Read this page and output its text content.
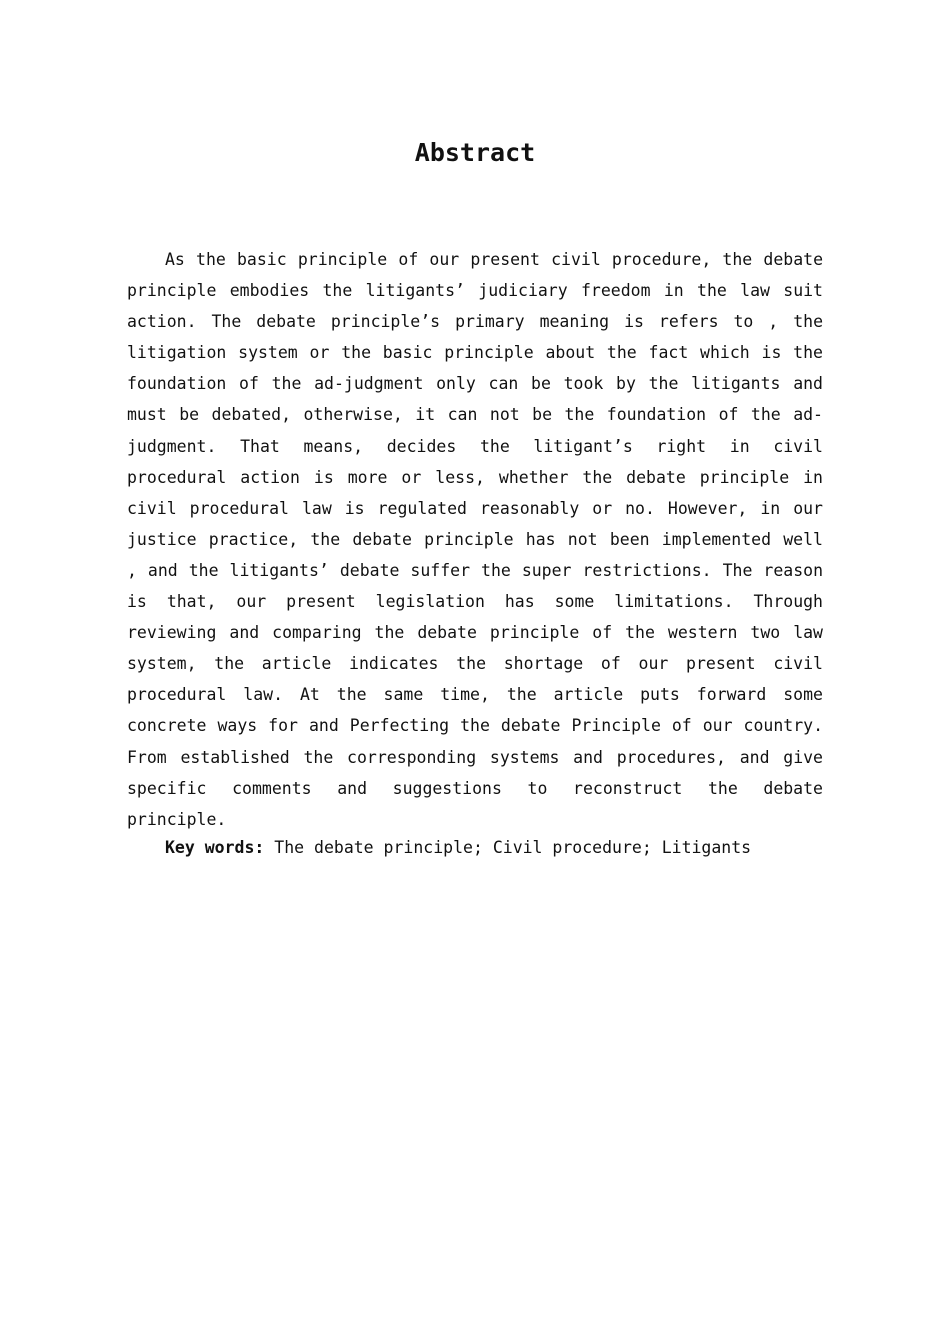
Abstract

As the basic principle of our present civil procedure, the debate principle embodies the litigants’ judiciary freedom in the law suit action. The debate principle’s primary meaning is refers to , the litigation system or the basic principle about the fact which is the foundation of the ad-judgment only can be took by the litigants and must be debated, otherwise, it can not be the foundation of the ad-judgment. That means, decides the litigant’s right in civil procedural action is more or less, whether the debate principle in civil procedural law is regulated reasonably or no. However, in our justice practice, the debate principle has not been implemented well , and the litigants’ debate suffer the super restrictions. The reason is that, our present legislation has some limitations. Through reviewing and comparing the debate principle of the western two law system, the article indicates the shortage of our present civil procedural law. At the same time, the article puts forward some concrete ways for and Perfecting the debate Principle of our country. From established the corresponding systems and procedures, and give specific comments and suggestions to reconstruct the debate principle.

Key words: The debate principle; Civil procedure; Litigants
